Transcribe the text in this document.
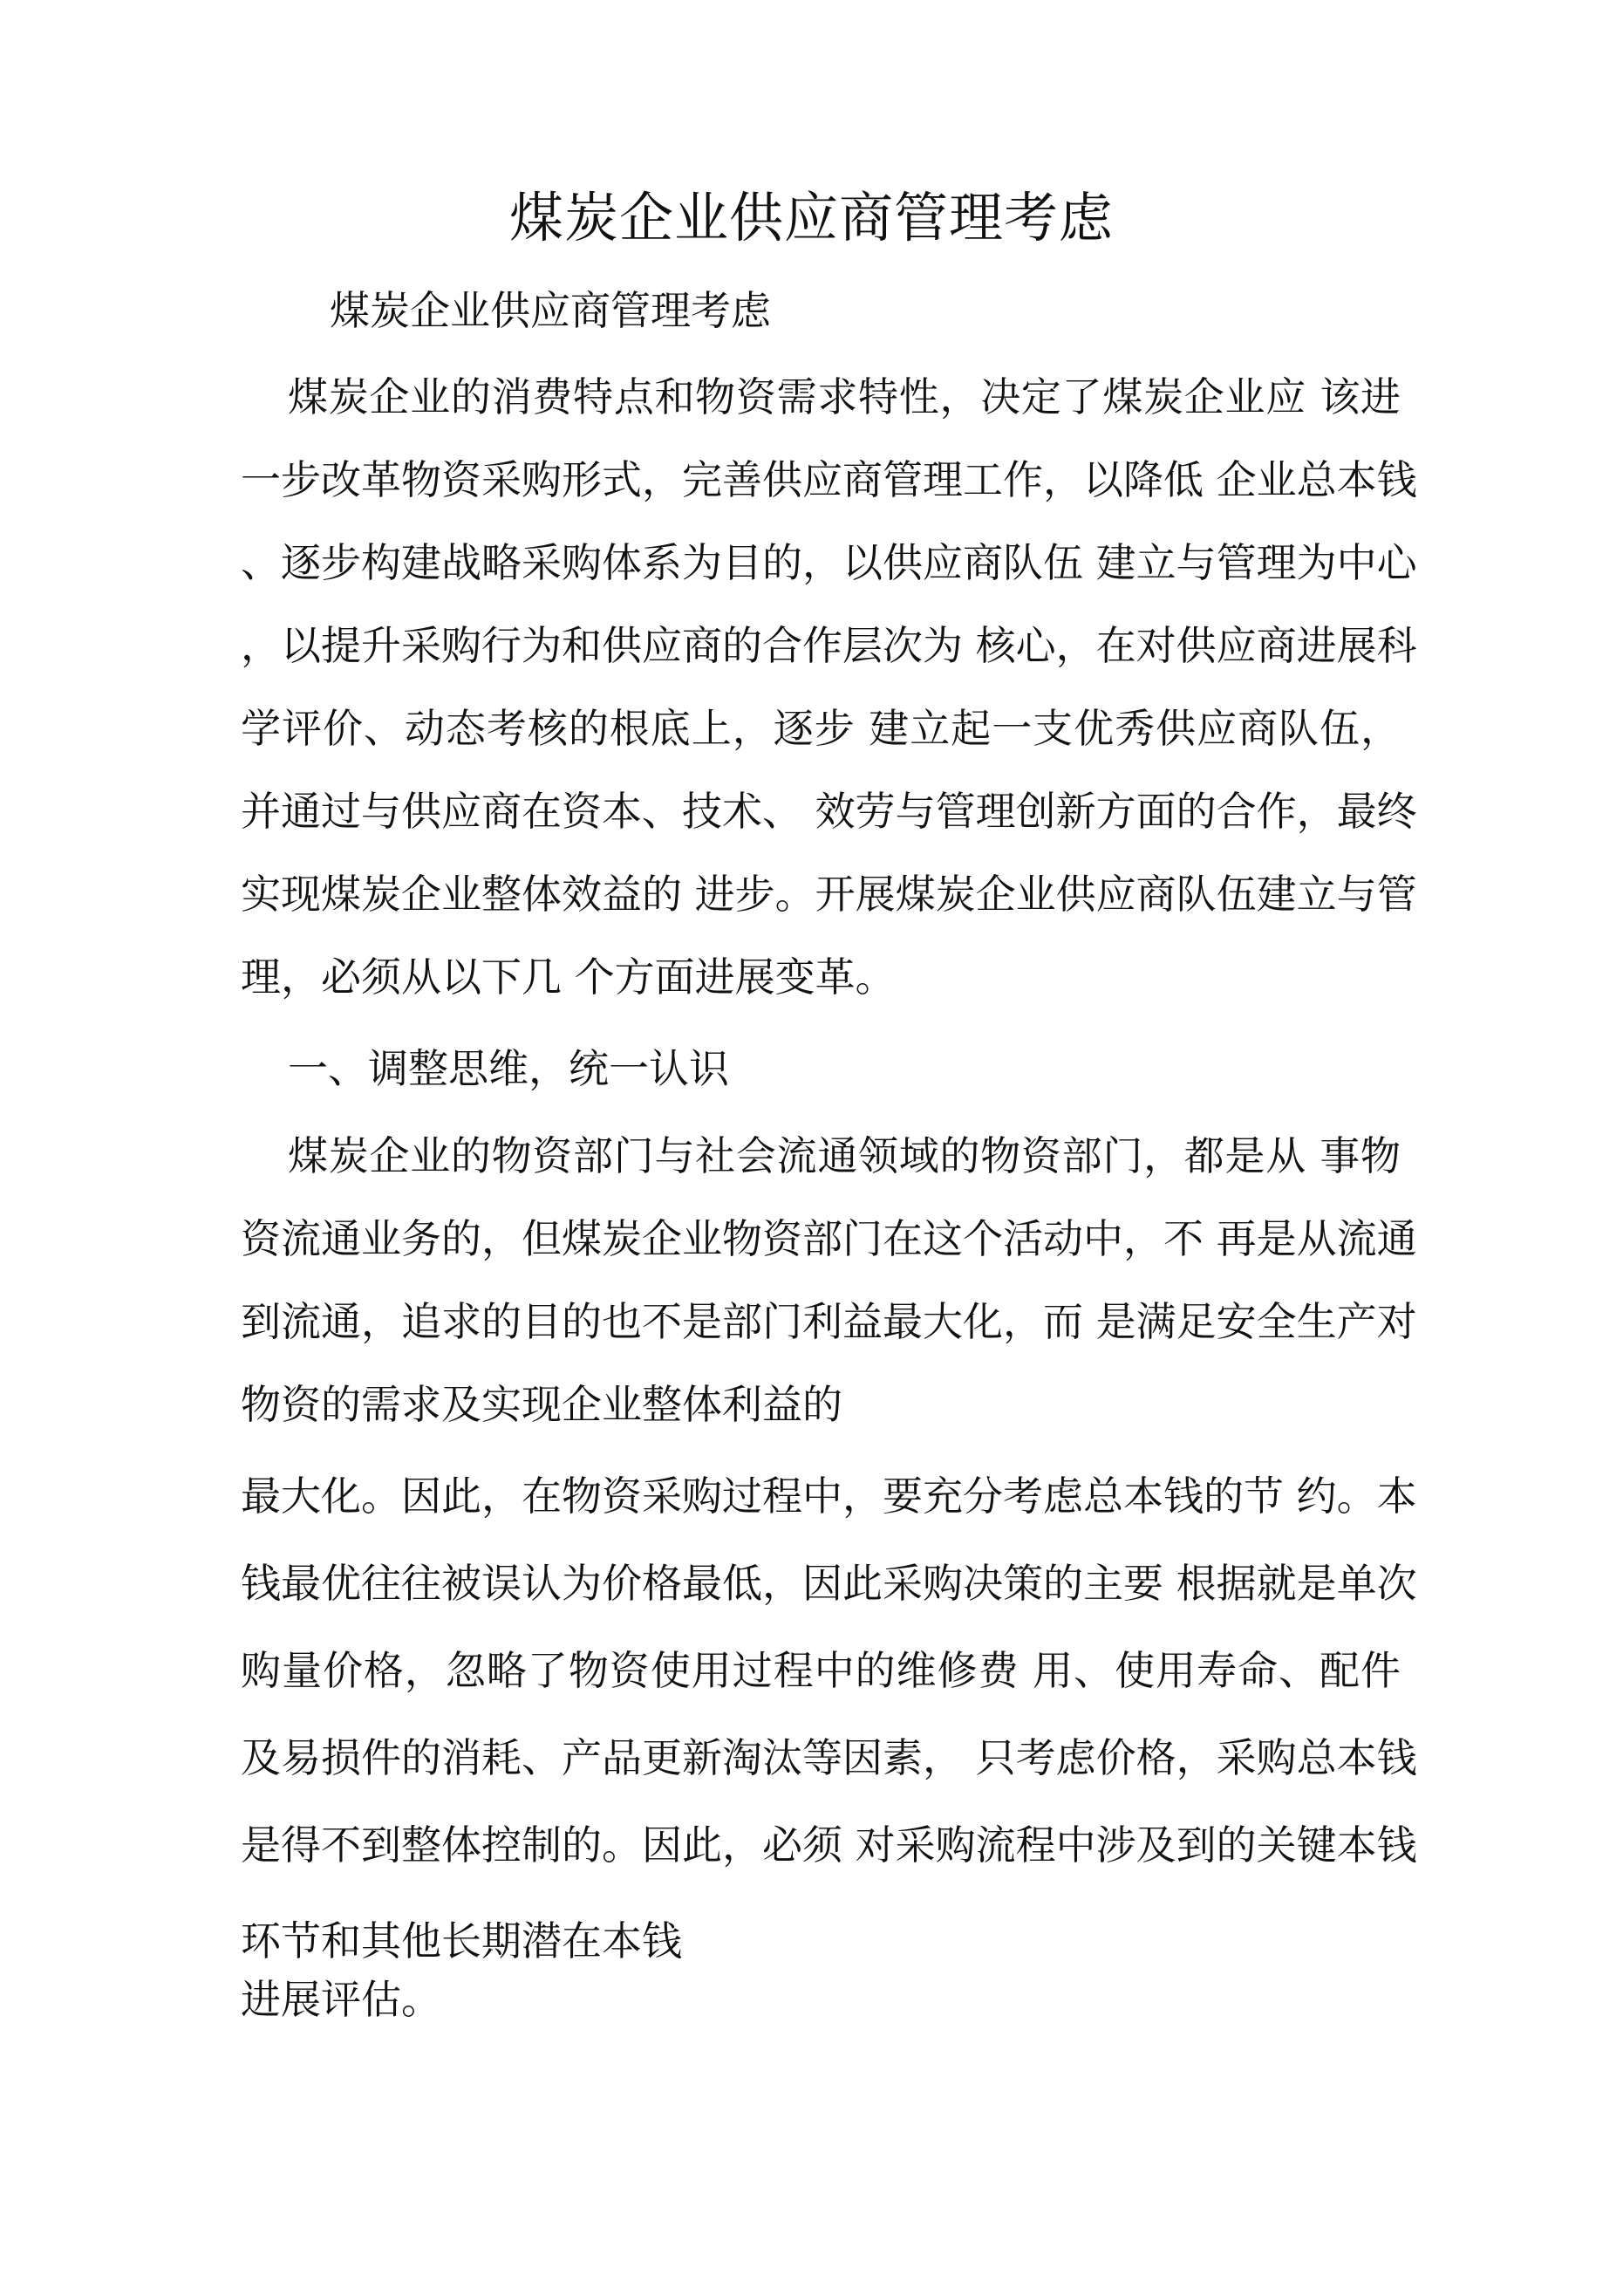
煤炭企业供应商管理考虑
煤炭企业供应商管理考虑
煤炭企业的消费特点和物资需求特性，决定了煤炭企业应 该进
一步改革物资采购形式，完善供应商管理工作，以降低 企业总本钱
、逐步构建战略采购体系为目的，以供应商队伍 建立与管理为中心
，以提升采购行为和供应商的合作层次为 核心，在对供应商进展科
学评价、动态考核的根底上，逐步 建立起一支优秀供应商队伍，
并通过与供应商在资本、技术、 效劳与管理创新方面的合作，最终
实现煤炭企业整体效益的 进步。开展煤炭企业供应商队伍建立与管
理，必须从以下几 个方面进展变革。
一、调整思维，统一认识
煤炭企业的物资部门与社会流通领域的物资部门，都是从 事物
资流通业务的，但煤炭企业物资部门在这个活动中，不 再是从流通
到流通，追求的目的也不是部门利益最大化，而 是满足安全生产对
物资的需求及实现企业整体利益的
最大化。因此，在物资采购过程中，要充分考虑总本钱的节 约。本
钱最优往往被误认为价格最低，因此采购决策的主要 根据就是单次
购量价格，忽略了物资使用过程中的维修费 用、使用寿命、配件
及易损件的消耗、产品更新淘汰等因素， 只考虑价格，采购总本钱
是得不到整体控制的。因此，必须 对采购流程中涉及到的关键本钱
环节和其他长期潜在本钱
进展评估。
